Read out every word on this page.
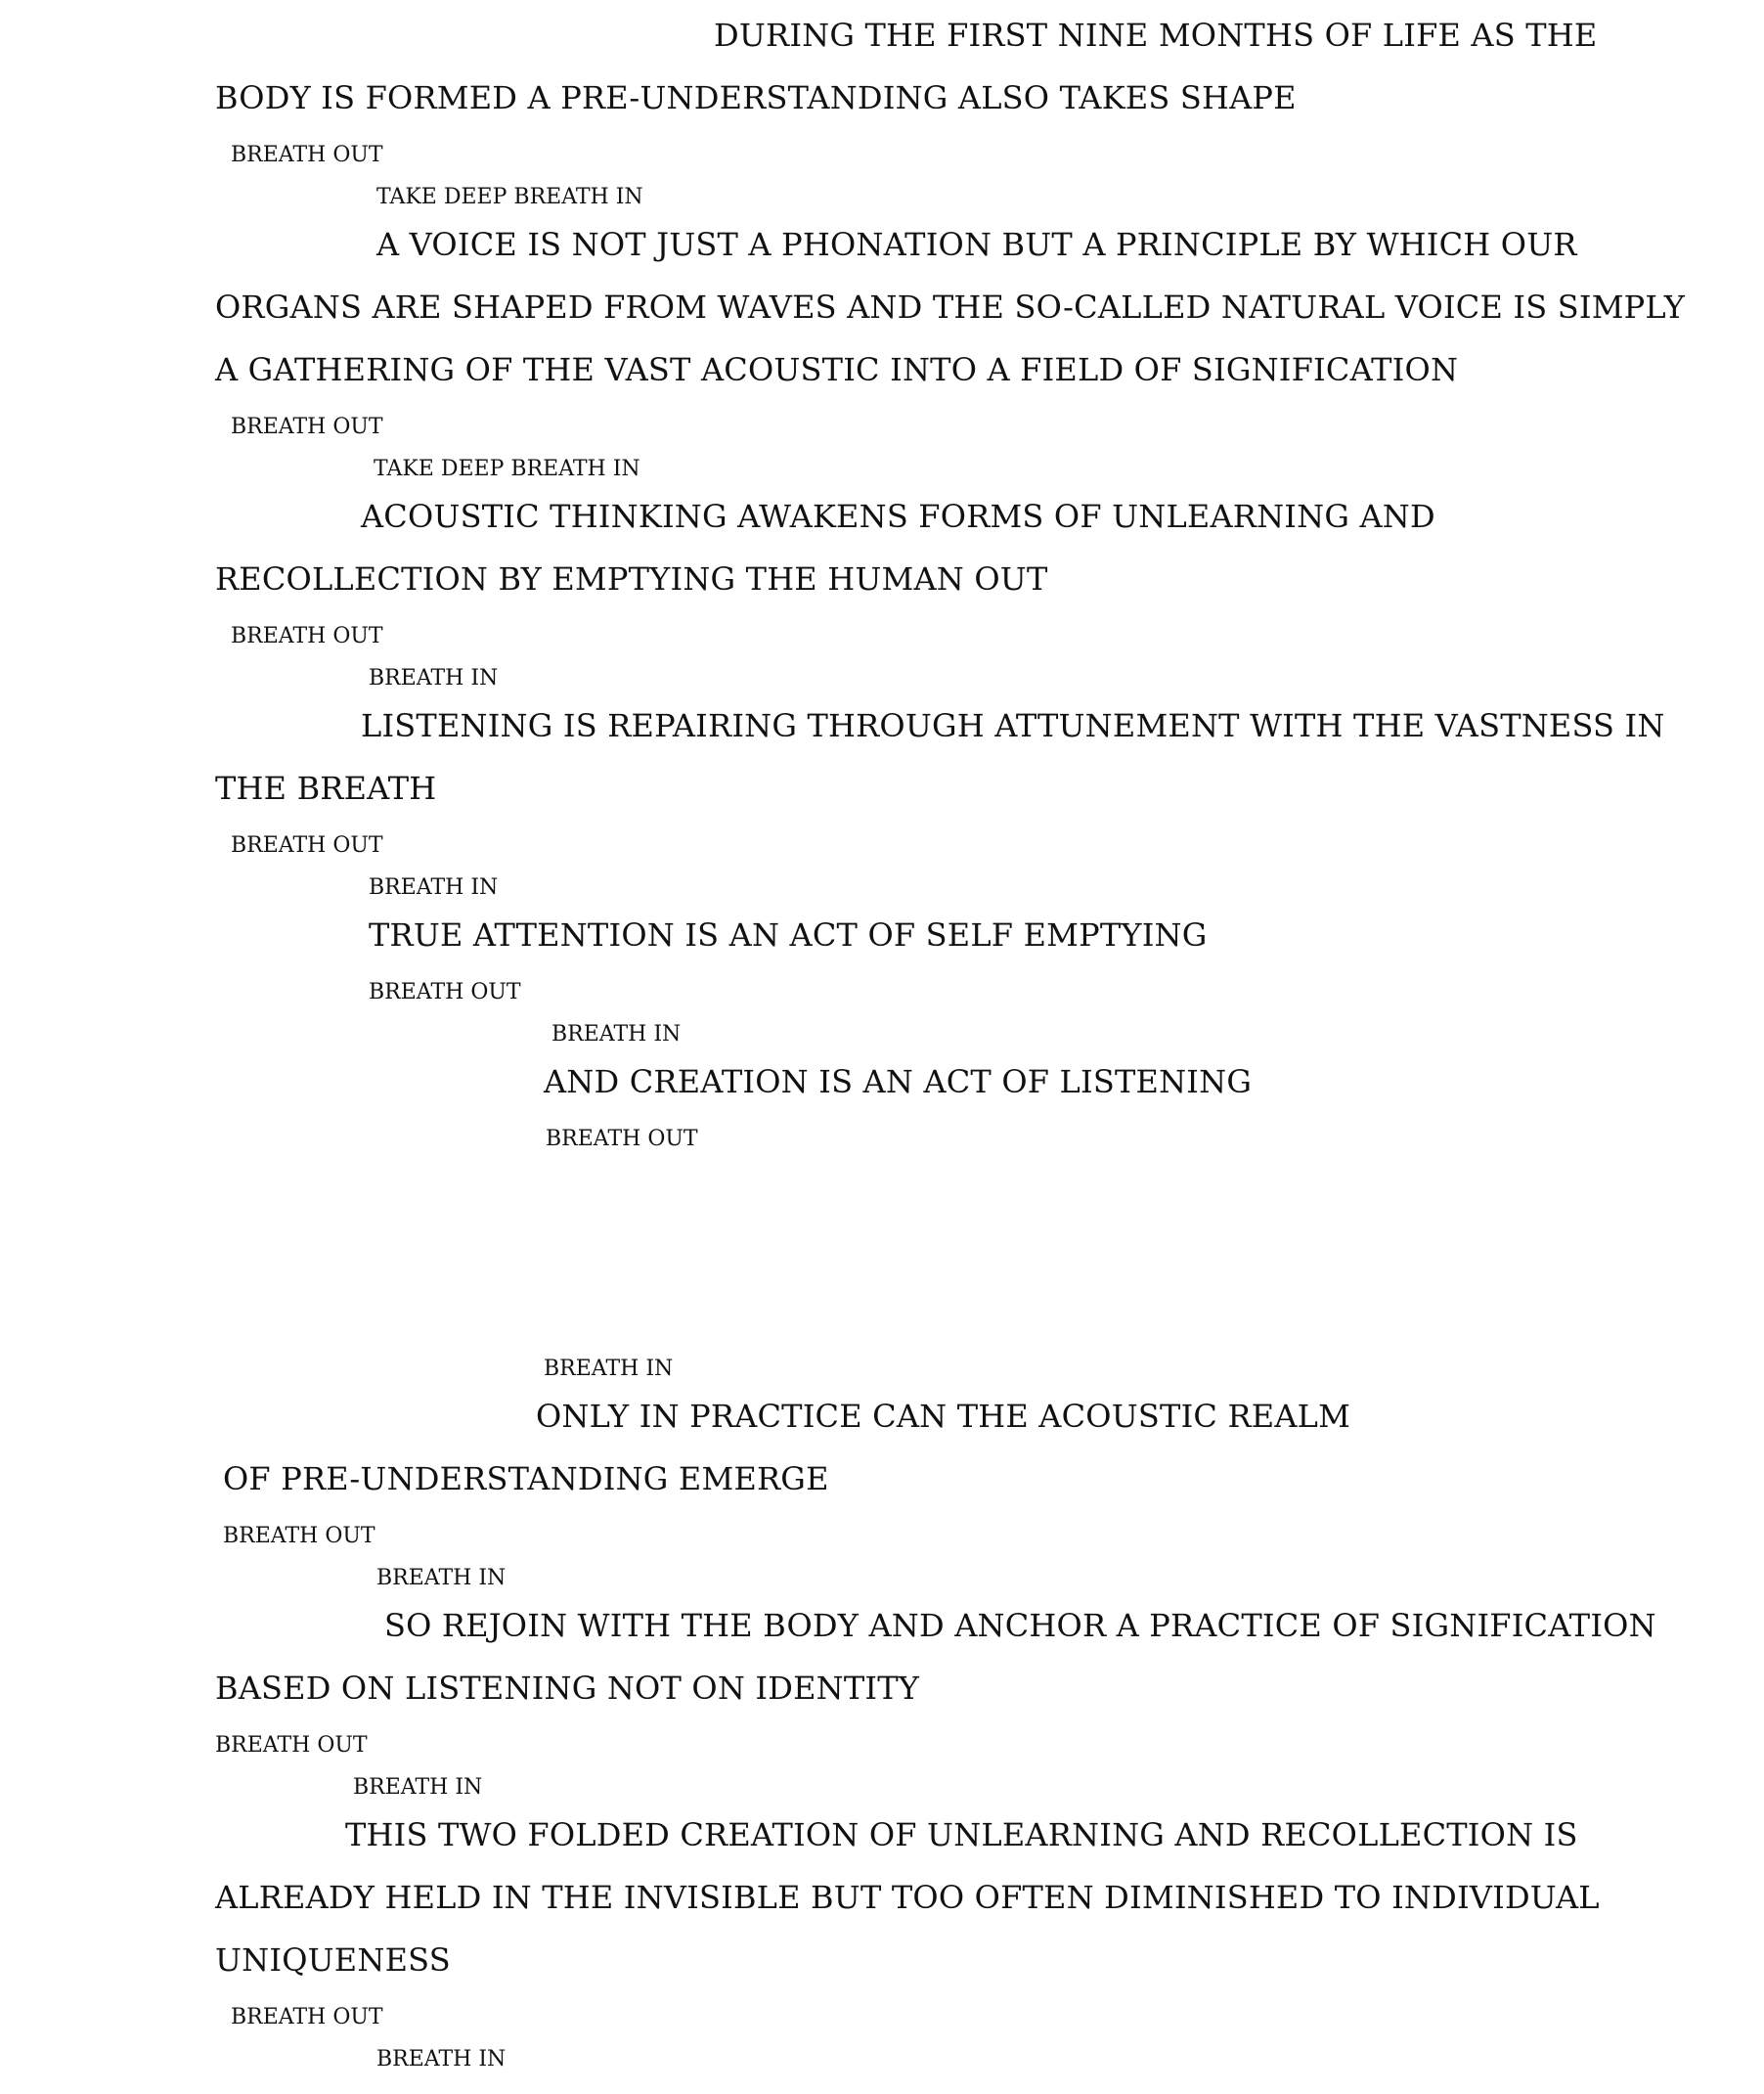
DURING THE FIRST NINE MONTHS OF LIFE AS THE

BODY IS FORMED A PRE-UNDERSTANDING ALSO TAKES SHAPE

BREATH OUT

TAKE DEEP BREATH IN

A VOICE IS NOT JUST A PHONATION BUT A PRINCIPLE BY WHICH OUR

ORGANS ARE SHAPED FROM WAVES AND THE SO-CALLED NATURAL VOICE IS SIMPLY

A GATHERING OF THE VAST ACOUSTIC INTO A FIELD OF SIGNIFICATION

BREATH OUT

TAKE DEEP BREATH IN

ACOUSTIC THINKING AWAKENS FORMS OF UNLEARNING AND

RECOLLECTION BY EMPTYING THE HUMAN OUT

BREATH OUT

BREATH IN

LISTENING IS REPAIRING THROUGH ATTUNEMENT WITH THE VASTNESS IN

THE BREATH

BREATH OUT

BREATH IN

TRUE ATTENTION IS AN ACT OF SELF EMPTYING

BREATH OUT

BREATH IN

AND CREATION IS AN ACT OF LISTENING

BREATH OUT

BREATH IN

ONLY IN PRACTICE CAN THE ACOUSTIC REALM

OF PRE-UNDERSTANDING EMERGE

BREATH OUT

BREATH IN

SO REJOIN WITH THE BODY AND ANCHOR A PRACTICE OF SIGNIFICATION

BASED ON LISTENING NOT ON IDENTITY

BREATH OUT

BREATH IN

THIS TWO FOLDED CREATION OF UNLEARNING AND RECOLLECTION IS

ALREADY HELD IN THE INVISIBLE BUT TOO OFTEN DIMINISHED TO INDIVIDUAL

UNIQUENESS

BREATH OUT

BREATH IN
